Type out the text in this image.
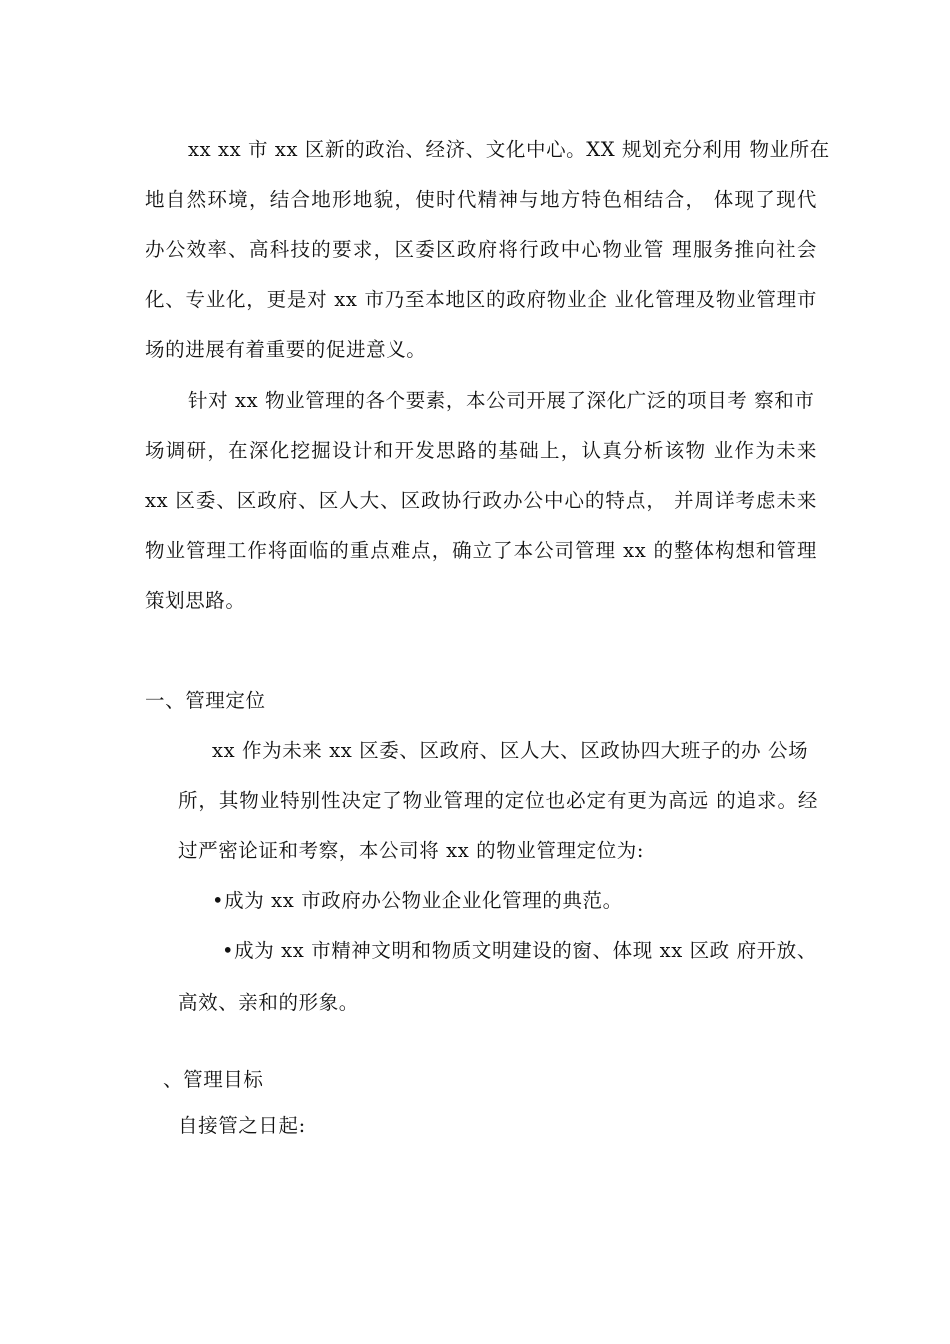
xx xx 市 xx 区新的政治、经济、文化中心。XX 规划充分利用 物业所在
地自然环境，结合地形地貌，使时代精神与地方特色相结合， 体现了现代
办公效率、高科技的要求，区委区政府将行政中心物业管 理服务推向社会
化、专业化，更是对 xx 市乃至本地区的政府物业企 业化管理及物业管理市
场的进展有着重要的促进意义。
针对 xx 物业管理的各个要素，本公司开展了深化广泛的项目考 察和市
场调研，在深化挖掘设计和开发思路的基础上，认真分析该物 业作为未来
xx 区委、区政府、区人大、区政协行政办公中心的特点， 并周详考虑未来
物业管理工作将面临的重点难点，确立了本公司管理 xx 的整体构想和管理
策划思路。
一、管理定位
xx 作为未来 xx 区委、区政府、区人大、区政协四大班子的办 公场
所，其物业特别性决定了物业管理的定位也必定有更为高远 的追求。经
过严密论证和考察，本公司将 xx 的物业管理定位为:
•成为 xx 市政府办公物业企业化管理的典范。
•成为 xx 市精神文明和物质文明建设的窗、体现 xx 区政 府开放、
高效、亲和的形象。
、管理目标
自接管之日起:
